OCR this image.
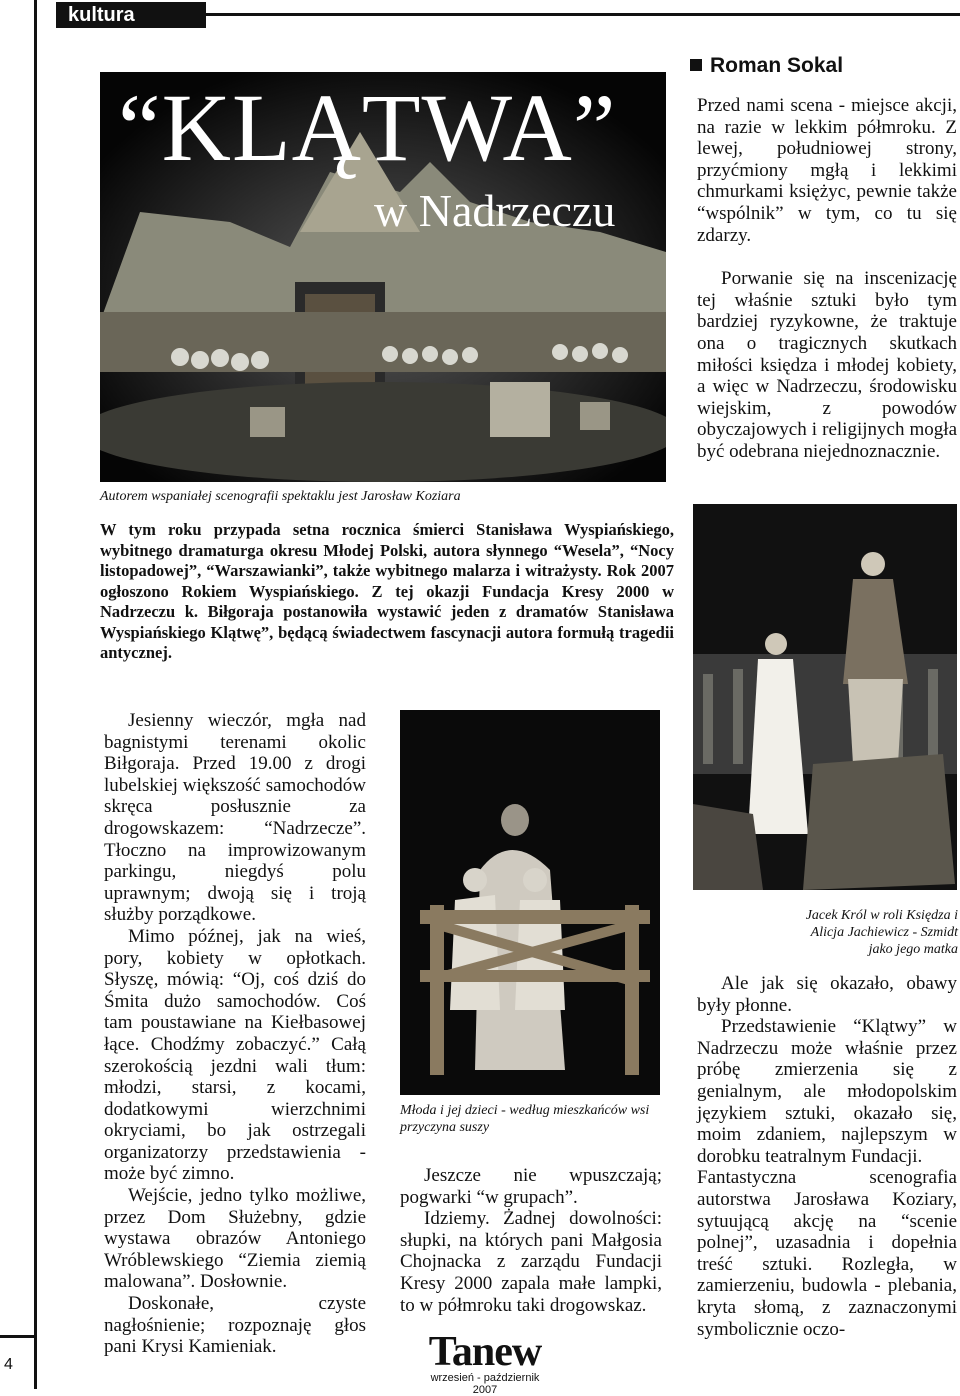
kultura
“KLĄTWA”
w Nadrzeczu
Autorem wspaniałej scenografii spektaklu jest Jarosław Koziara
Roman Sokal

Przed nami scena - miejsce akcji, na razie w lekkim półmroku. Z lewej, południowej strony, przyćmiony mgłą i lekkimi chmurkami księżyc, pewnie także “wspólnik” w tym, co tu się zdarzy.

Porwanie się na inscenizację tej właśnie sztuki było tym bardziej ryzykowne, że traktuje ona o tragicznych skutkach miłości księdza i młodej kobiety, a więc w Nadrzeczu, środowisku wiejskim, z powodów obyczajowych i religijnych mogła być odebrana niejednoznacznie.

W tym roku przypada setna rocznica śmierci Stanisława Wyspiańskiego, wybitnego dramaturga okresu Młodej Polski, autora słynnego “Wesela”, “Nocy listopadowej”, “Warszawianki”, także wybitnego malarza i witrażysty. Rok 2007 ogłoszono Rokiem Wyspiańskiego. Z tej okazji Fundacja Kresy 2000 w Nadrzeczu k. Biłgoraja postanowiła wystawić jeden z dramatów Stanisława Wyspiańskiego Klątwę”, będącą świadectwem fascynacji autora formułą tragedii antycznej.

Jesienny wieczór, mgła nad bagnistymi terenami okolic Biłgoraja. Przed 19.00 z drogi lubelskiej większość samochodów skręca posłusznie za drogowskazem: “Nadrzecze”. Tłoczno na improwizowanym parkingu, niegdyś polu uprawnym; dwoją się i troją służby porządkowe.

Mimo późnej, jak na wieś, pory, kobiety w opłotkach. Słyszę, mówią: “Oj, coś dziś do Śmita dużo samochodów. Coś tam poustawiane na Kiełbasowej łące. Chodźmy zobaczyć.” Całą szerokością jezdni wali tłum: młodzi, starsi, z kocami, dodatkowymi wierzchnimi okryciami, bo jak ostrzegali organizatorzy przedstawienia - może być zimno.

Wejście, jedno tylko możliwe, przez Dom Służebny, gdzie wystawa obrazów Antoniego Wróblewskiego “Ziemia ziemią malowana”. Dosłownie.

Doskonałe, czyste nagłośnienie; rozpoznaję głos pani Krysi Kamieniak.

Młoda i jej dzieci - według mieszkańców wsi przyczyna suszy

Jeszcze nie wpuszczają; pogwarki “w grupach”.

Idziemy. Żadnej dowolności: słupki, na których pani Małgosia Chojnacka z zarządu Fundacji Kresy 2000 zapala małe lampki, to w półmroku taki drogowskaz.

Jacek Król w roli Księdza i Alicja Jachiewicz - Szmidt jako jego matka

Ale jak się okazało, obawy były płonne.

Przedstawienie “Klątwy” w Nadrzeczu może właśnie przez próbę zmierzenia się z genialnym, ale młodopolskim językiem sztuki, okazało się, moim zdaniem, najlepszym w dorobku teatralnym Fundacji.

Fantastyczna scenografia autorstwa Jarosława Koziary, sytuującą akcję na “scenie polnej”, uzasadnia i dopełnia treść sztuki. Rozległa, w zamierzeniu, budowla - plebania, kryta słomą, z zaznaczonymi symbolicznie oczo-

4	Tanew
wrzesień - październik 2007
